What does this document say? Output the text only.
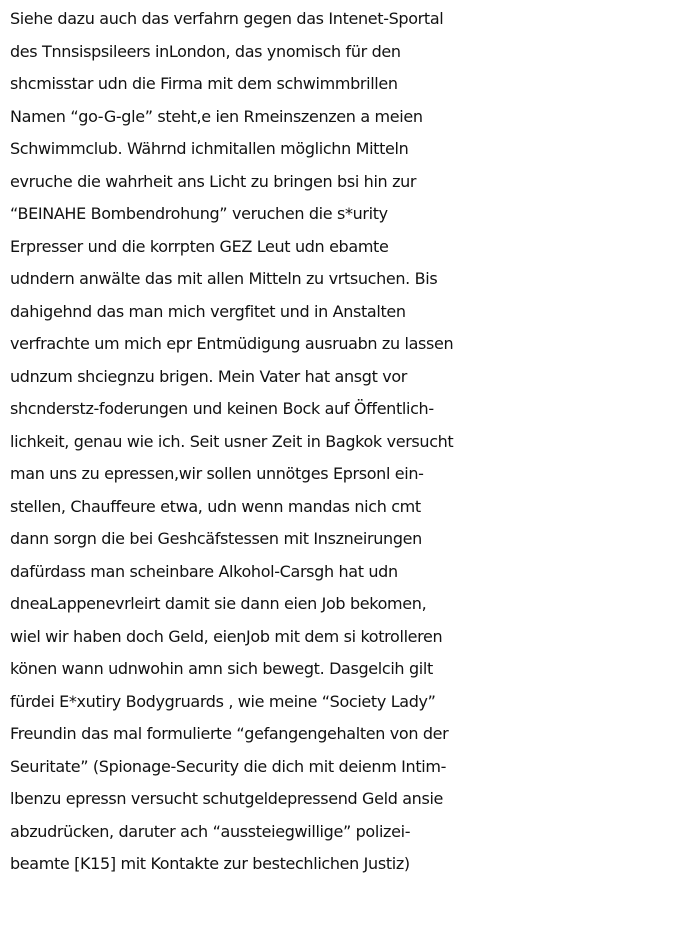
Siehe dazu auch das verfahrn gegen das Intenet-Sportal
des Tnnsispsileers inLondon, das ynomisch für den
shcmisstar udn die Firma mit dem schwimmbrillen
Namen “go-G-gle” steht,e ien Rmeinszenzen a meien
Schwimmclub. Währnd ichmitallen möglichn Mitteln
evruche die wahrheit ans Licht zu bringen bsi hin zur
“BEINAHE Bombendrohung” veruchen die s*urity
Erpresser und die korrpten GEZ Leut udn ebamte
udndern anwälte das mit allen Mitteln zu vrtsuchen. Bis
dahigehnd das man mich vergfitet und in Anstalten
verfrachte um mich epr Entmüdigung ausruabn zu lassen
udnzum shciegnzu brigen. Mein Vater hat ansgt vor
shcnderstz-foderungen und keinen Bock auf Öffentlich-
lichkeit, genau wie ich. Seit usner Zeit in Bagkok versucht
man uns zu epressen,wir sollen unnötges Eprsonl ein-
stellen, Chauffeure etwa, udn wenn mandas nich cmt
dann sorgn die bei Geshcäfstessen mit Inszneirungen
dafürdass man scheinbare Alkohol-Carsgh hat udn
dneaLappenevrleirt damit sie dann eien Job bekomen,
wiel wir haben doch Geld, eienJob mit dem si kotrolleren
könen wann udnwohin amn sich bewegt. Dasgelcih gilt
fürdei E*xutiry Bodygruards , wie meine “Society Lady”
Freundin das mal formulierte “gefangengehalten von der
Seuritate” (Spionage-Security die dich mit deienm Intim-
lbenzu epressn versucht schutgeldepressend Geld ansie
abzudrücken, daruter ach “aussteiegwillige” polizei-
beamte [K15] mit Kontakte zur bestechlichen Justiz)
